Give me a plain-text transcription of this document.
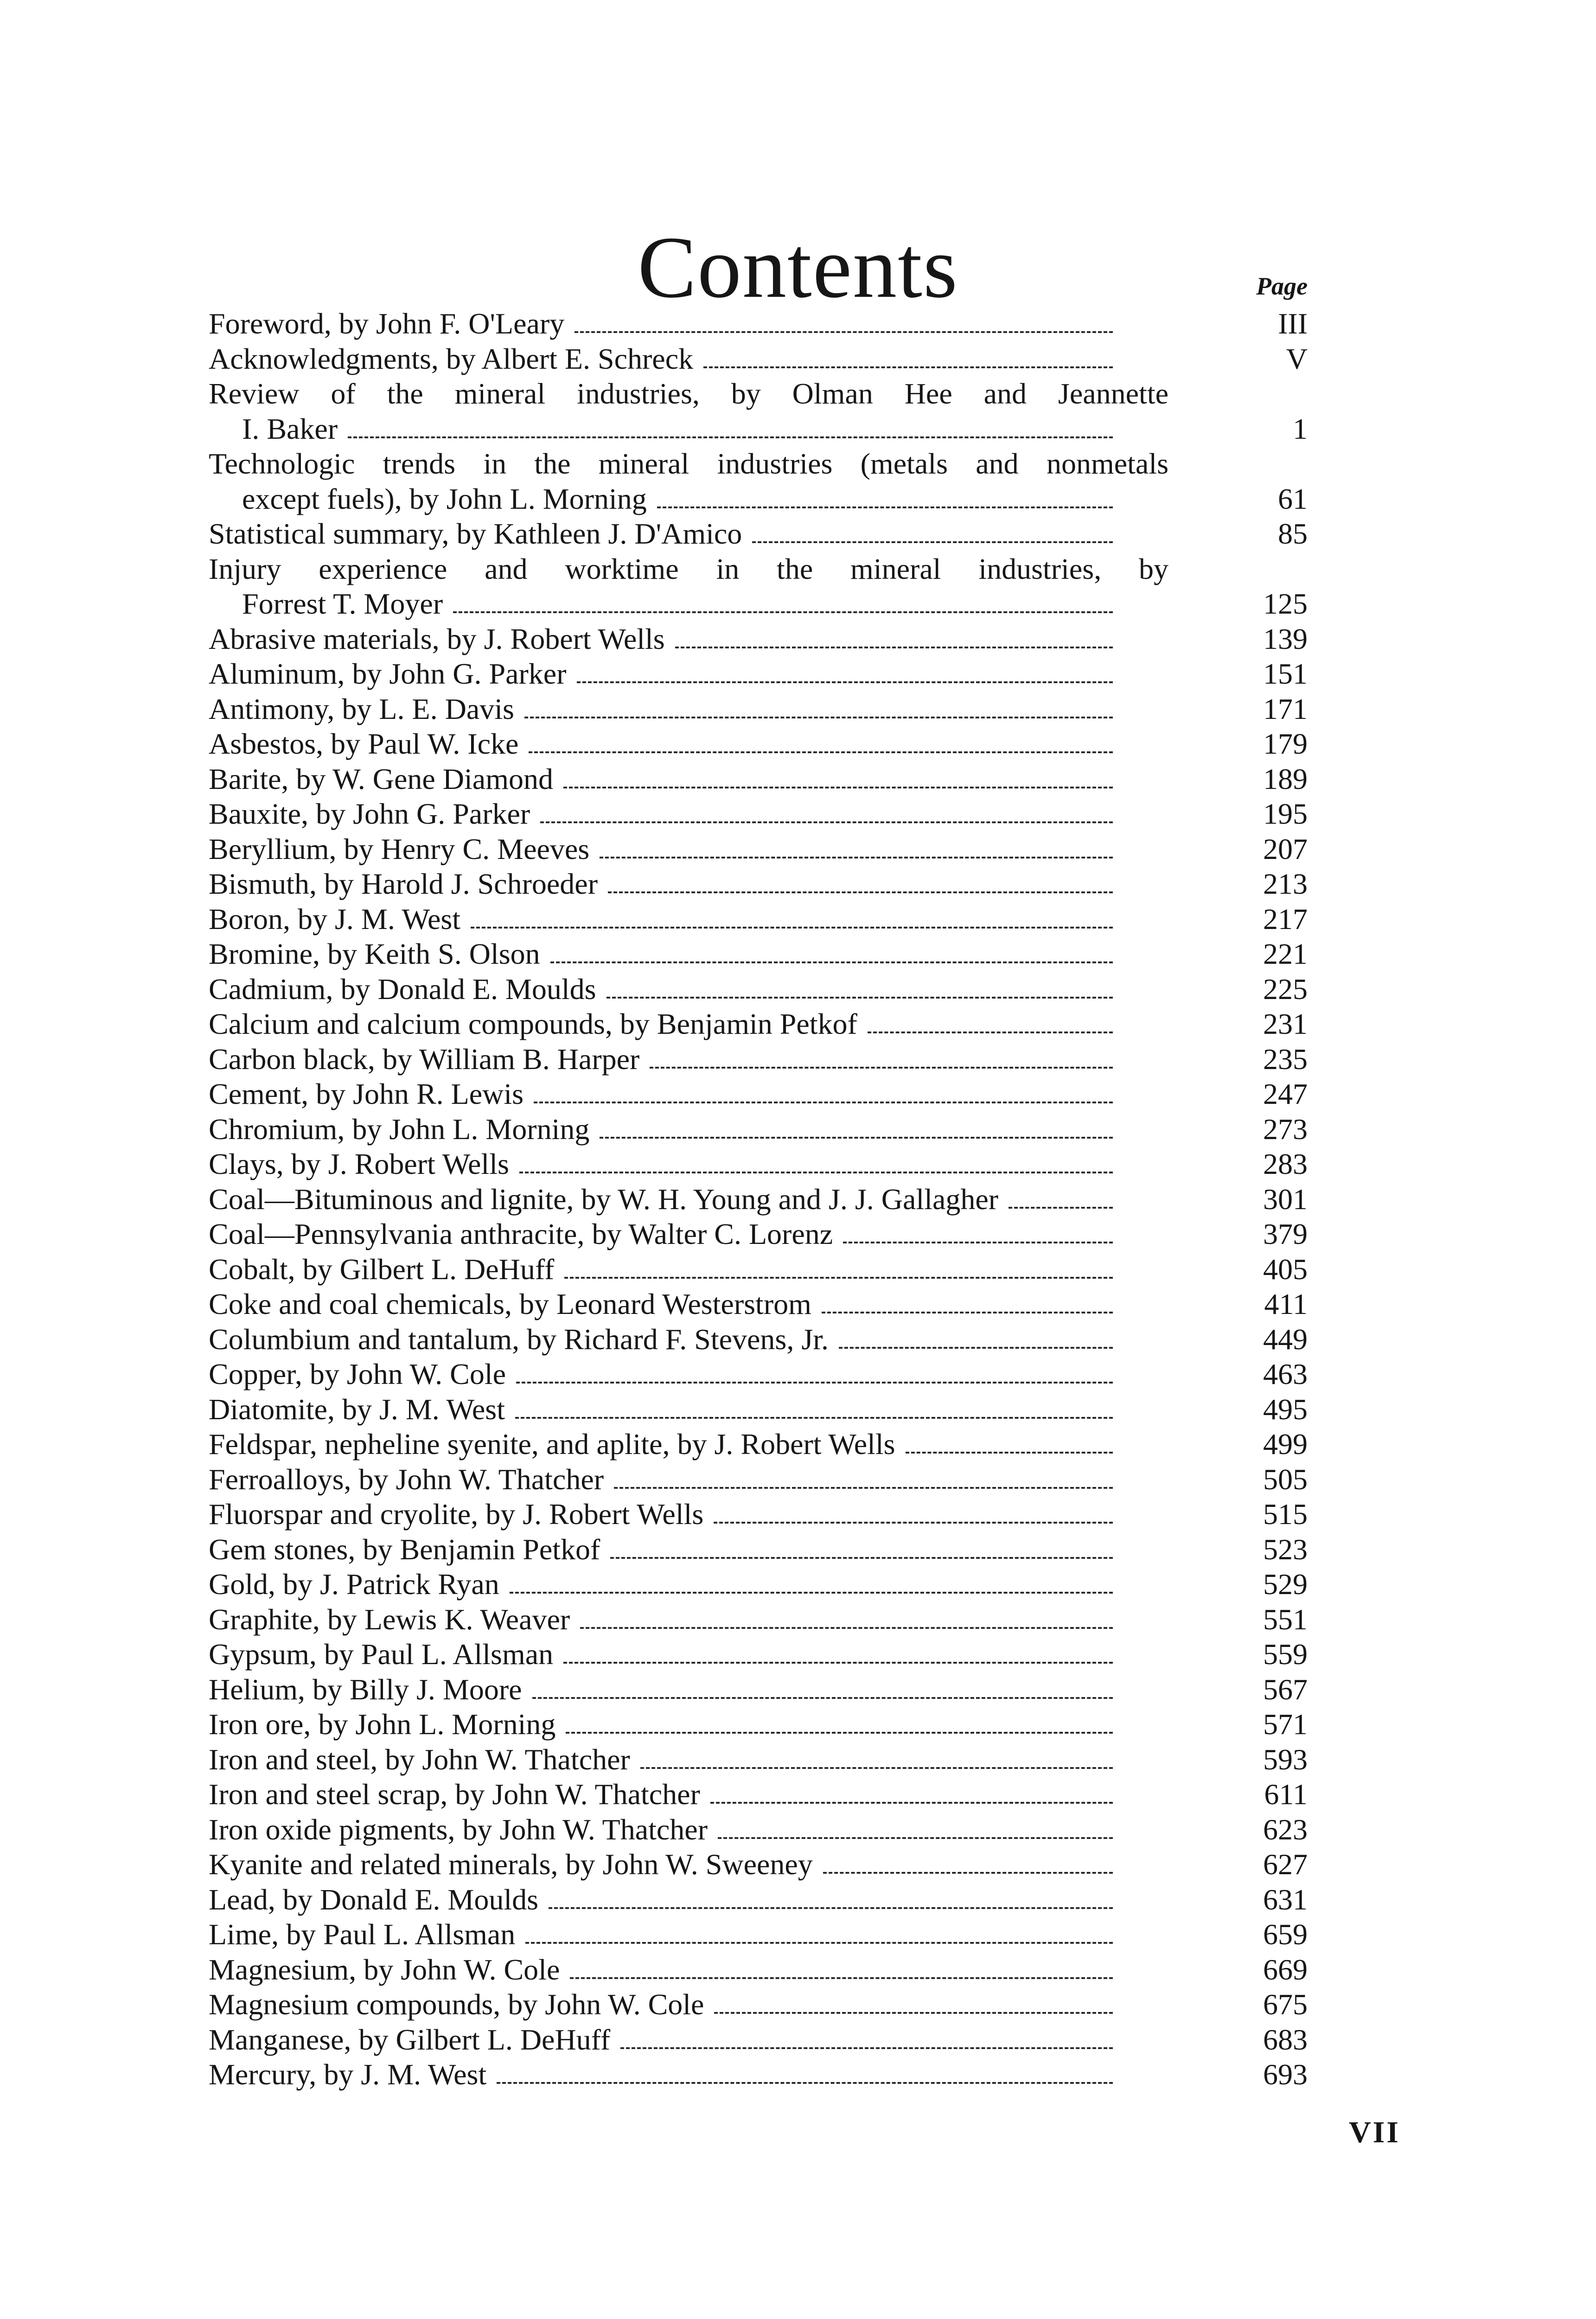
Contents	Page
Foreword, by John F. O'Leary	III
Acknowledgments, by Albert E. Schreck	V
Review of the mineral industries, by Olman Hee and Jeannette
I. Baker	1
Technologic trends in the mineral industries (metals and nonmetals
except fuels), by John L. Morning	61
Statistical summary, by Kathleen J. D'Amico	85
Injury experience and worktime in the mineral industries, by
Forrest T. Moyer	125
Abrasive materials, by J. Robert Wells	139
Aluminum, by John G. Parker	151
Antimony, by L. E. Davis	171
Asbestos, by Paul W. Icke	179
Barite, by W. Gene Diamond	189
Bauxite, by John G. Parker	195
Beryllium, by Henry C. Meeves	207
Bismuth, by Harold J. Schroeder	213
Boron, by J. M. West	217
Bromine, by Keith S. Olson	221
Cadmium, by Donald E. Moulds	225
Calcium and calcium compounds, by Benjamin Petkof	231
Carbon black, by William B. Harper	235
Cement, by John R. Lewis	247
Chromium, by John L. Morning	273
Clays, by J. Robert Wells	283
Coal—Bituminous and lignite, by W. H. Young and J. J. Gallagher	301
Coal—Pennsylvania anthracite, by Walter C. Lorenz	379
Cobalt, by Gilbert L. DeHuff	405
Coke and coal chemicals, by Leonard Westerstrom	411
Columbium and tantalum, by Richard F. Stevens, Jr.	449
Copper, by John W. Cole	463
Diatomite, by J. M. West	495
Feldspar, nepheline syenite, and aplite, by J. Robert Wells	499
Ferroalloys, by John W. Thatcher	505
Fluorspar and cryolite, by J. Robert Wells	515
Gem stones, by Benjamin Petkof	523
Gold, by J. Patrick Ryan	529
Graphite, by Lewis K. Weaver	551
Gypsum, by Paul L. Allsman	559
Helium, by Billy J. Moore	567
Iron ore, by John L. Morning	571
Iron and steel, by John W. Thatcher	593
Iron and steel scrap, by John W. Thatcher	611
Iron oxide pigments, by John W. Thatcher	623
Kyanite and related minerals, by John W. Sweeney	627
Lead, by Donald E. Moulds	631
Lime, by Paul L. Allsman	659
Magnesium, by John W. Cole	669
Magnesium compounds, by John W. Cole	675
Manganese, by Gilbert L. DeHuff	683
Mercury, by J. M. West	693
VII
